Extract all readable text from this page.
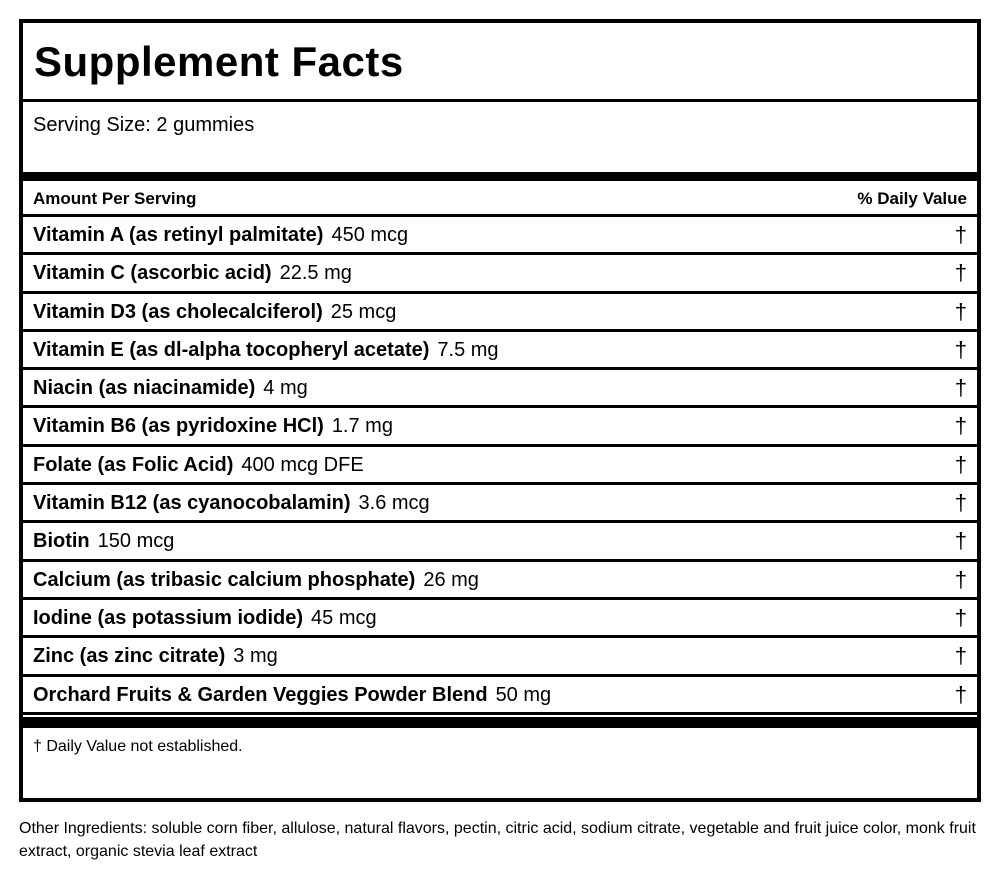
Supplement Facts
Serving Size: 2 gummies
Amount Per Serving	% Daily Value
Vitamin A (as retinyl palmitate) 450 mcg	†
Vitamin C (ascorbic acid) 22.5 mg	†
Vitamin D3 (as cholecalciferol) 25 mcg	†
Vitamin E (as dl-alpha tocopheryl acetate) 7.5 mg	†
Niacin (as niacinamide) 4 mg	†
Vitamin B6 (as pyridoxine HCl) 1.7 mg	†
Folate (as Folic Acid) 400 mcg DFE	†
Vitamin B12 (as cyanocobalamin) 3.6 mcg	†
Biotin 150 mcg	†
Calcium (as tribasic calcium phosphate) 26 mg	†
Iodine (as potassium iodide) 45 mcg	†
Zinc (as zinc citrate) 3 mg	†
Orchard Fruits & Garden Veggies Powder Blend 50 mg	†
† Daily Value not established.
Other Ingredients: soluble corn fiber, allulose, natural flavors, pectin, citric acid, sodium citrate, vegetable and fruit juice color, monk fruit extract, organic stevia leaf extract
